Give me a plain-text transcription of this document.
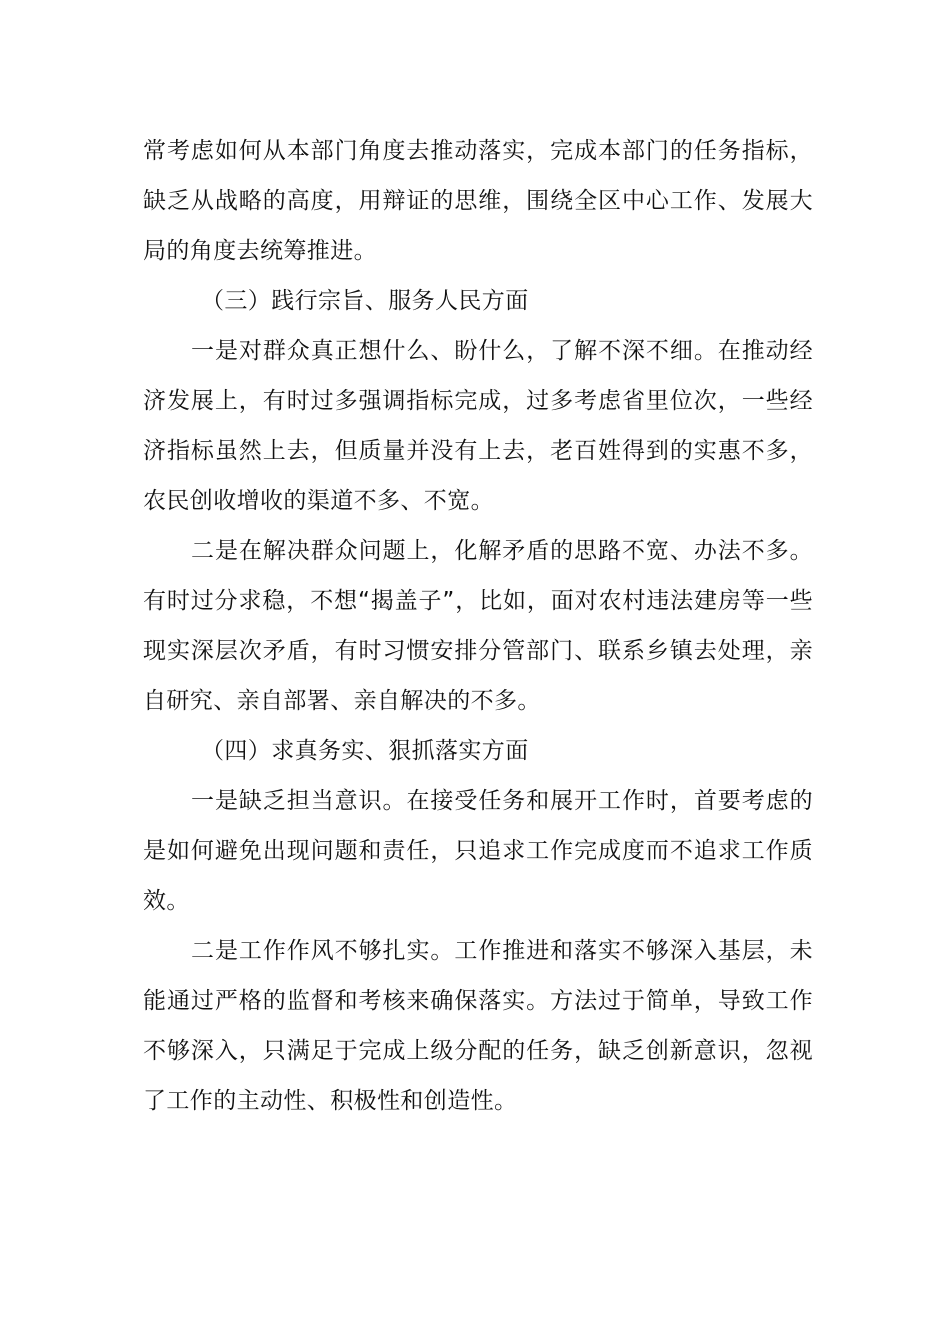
常考虑如何从本部门角度去推动落实，完成本部门的任务指标，缺乏从战略的高度，用辩证的思维，围绕全区中心工作、发展大局的角度去统筹推进。

（三）践行宗旨、服务人民方面

一是对群众真正想什么、盼什么，了解不深不细。在推动经济发展上，有时过多强调指标完成，过多考虑省里位次，一些经济指标虽然上去，但质量并没有上去，老百姓得到的实惠不多，农民创收增收的渠道不多、不宽。

二是在解决群众问题上，化解矛盾的思路不宽、办法不多。有时过分求稳，不想“揭盖子”，比如，面对农村违法建房等一些现实深层次矛盾，有时习惯安排分管部门、联系乡镇去处理，亲自研究、亲自部署、亲自解决的不多。

（四）求真务实、狠抓落实方面

一是缺乏担当意识。在接受任务和展开工作时，首要考虑的是如何避免出现问题和责任，只追求工作完成度而不追求工作质效。

二是工作作风不够扎实。工作推进和落实不够深入基层，未能通过严格的监督和考核来确保落实。方法过于简单，导致工作不够深入，只满足于完成上级分配的任务，缺乏创新意识，忽视了工作的主动性、积极性和创造性。
